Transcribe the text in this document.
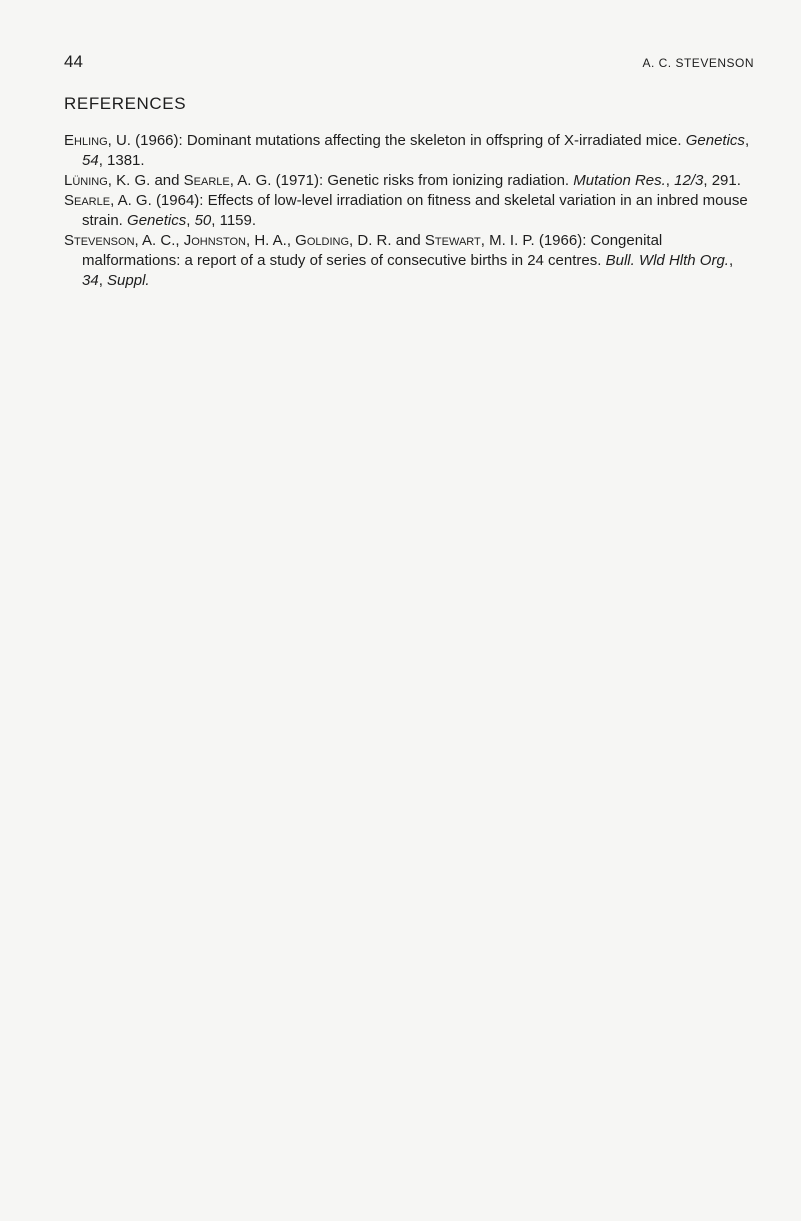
44	A. C. STEVENSON
REFERENCES

Ehling, U. (1966): Dominant mutations affecting the skeleton in offspring of X-irradiated mice. Genetics, 54, 1381.

Lüning, K. G. and Searle, A. G. (1971): Genetic risks from ionizing radiation. Mutation Res., 12/3, 291.

Searle, A. G. (1964): Effects of low-level irradiation on fitness and skeletal variation in an inbred mouse strain. Genetics, 50, 1159.

Stevenson, A. C., Johnston, H. A., Golding, D. R. and Stewart, M. I. P. (1966): Congenital malformations: a report of a study of series of consecutive births in 24 centres. Bull. Wld Hlth Org., 34, Suppl.
